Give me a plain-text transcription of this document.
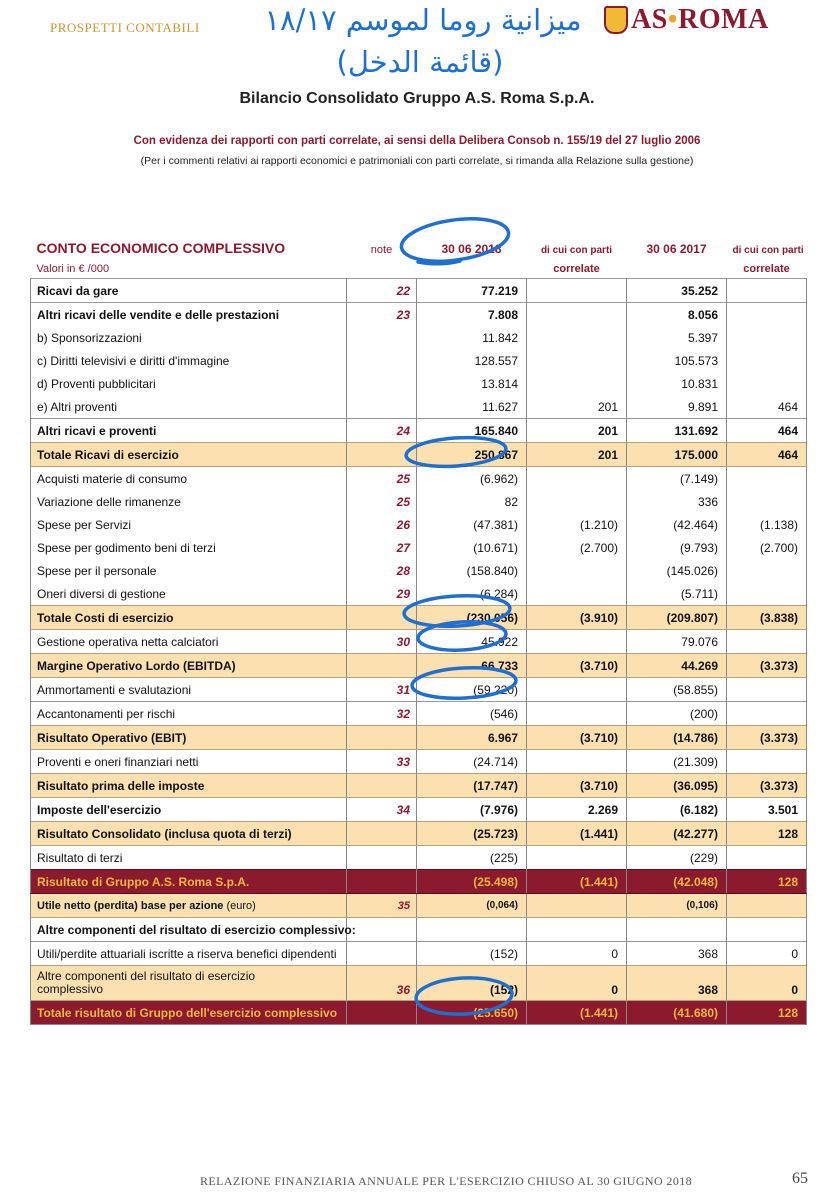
PROSPETTI CONTABILI ميزانية روما لموسم ١٨/١٧
(قائمة الدخل)
AS•ROMA
Bilancio Consolidato Gruppo A.S. Roma S.p.A.
Con evidenza dei rapporti con parti correlate, ai sensi della Delibera Consob n. 155/19 del 27 luglio 2006
(Per i commenti relativi ai rapporti economici e patrimoniali con parti correlate, si rimanda alla Relazione sulla gestione)
CONTO ECONOMICO COMPLESSIVO	note	30 06 2018	di cui con parti	30 06 2017	di cui con parti
Valori in € /000			correlate		correlate
Ricavi da gare	22	77.219		35.252	
Altri ricavi delle vendite e delle prestazioni	23	7.808		8.056	
b) Sponsorizzazioni		11.842		5.397	
c) Diritti televisivi e diritti d'immagine		128.557		105.573	
d) Proventi pubblicitari		13.814		10.831	
e) Altri proventi		11.627	201	9.891	464
Altri ricavi e proventi	24	165.840	201	131.692	464
Totale Ricavi di esercizio		250.867	201	175.000	464
Acquisti materie di consumo	25	(6.962)		(7.149)	
Variazione delle rimanenze	25	82		336	
Spese per Servizi	26	(47.381)	(1.210)	(42.464)	(1.138)
Spese per godimento beni di terzi	27	(10.671)	(2.700)	(9.793)	(2.700)
Spese per il personale	28	(158.840)		(145.026)	
Oneri diversi di gestione	29	(6.284)		(5.711)	
Totale Costi di esercizio		(230.056)	(3.910)	(209.807)	(3.838)
Gestione operativa netta calciatori	30	45.922		79.076	
Margine Operativo Lordo (EBITDA)		66.733	(3.710)	44.269	(3.373)
Ammortamenti e svalutazioni	31	(59.220)		(58.855)	
Accantonamenti per rischi	32	(546)		(200)	
Risultato Operativo (EBIT)		6.967	(3.710)	(14.786)	(3.373)
Proventi e oneri finanziari netti	33	(24.714)		(21.309)	
Risultato prima delle imposte		(17.747)	(3.710)	(36.095)	(3.373)
Imposte dell'esercizio	34	(7.976)	2.269	(6.182)	3.501
Risultato Consolidato (inclusa quota di terzi)		(25.723)	(1.441)	(42.277)	128
Risultato di terzi		(225)		(229)	
Risultato di Gruppo A.S. Roma S.p.A.		(25.498)	(1.441)	(42.048)	128
Utile netto (perdita) base per azione (euro)	35	(0,064)		(0,106)	
Altre componenti del risultato di esercizio complessivo:					
Utili/perdite attuariali iscritte a riserva benefici dipendenti		(152)	0	368	0
Altre componenti del risultato di esercizio
complessivo	36	(152)	0	368	0
Totale risultato di Gruppo dell'esercizio complessivo		(25.650)	(1.441)	(41.680)	128
RELAZIONE FINANZIARIA ANNUALE PER L'ESERCIZIO CHIUSO AL 30 GIUGNO 2018	65
